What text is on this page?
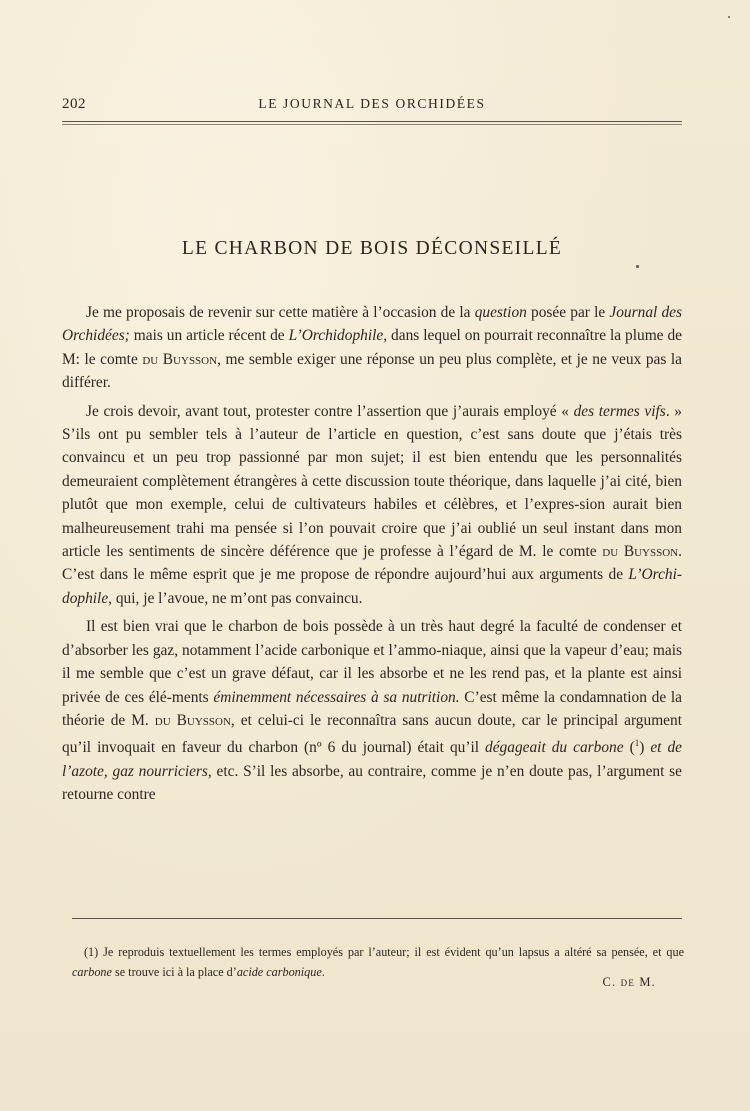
202	LE JOURNAL DES ORCHIDÉES
LE CHARBON DE BOIS DÉCONSEILLÉ

Je me proposais de revenir sur cette matière à l’occasion de la question posée par le Journal des Orchidées; mais un article récent de L’Orchidophile, dans lequel on pourrait reconnaître la plume de M: le comte du Buysson, me semble exiger une réponse un peu plus complète, et je ne veux pas la différer.

Je crois devoir, avant tout, protester contre l’assertion que j’aurais employé « des termes vifs. » S’ils ont pu sembler tels à l’auteur de l’article en question, c’est sans doute que j’étais très convaincu et un peu trop passionné par mon sujet; il est bien entendu que les personnalités demeuraient complètement étrangères à cette discussion toute théorique, dans laquelle j’ai cité, bien plutôt que mon exemple, celui de cultivateurs habiles et célèbres, et l’expres-sion aurait bien malheureusement trahi ma pensée si l’on pouvait croire que j’ai oublié un seul instant dans mon article les sentiments de sincère déférence que je professe à l’égard de M. le comte du Buysson. C’est dans le même esprit que je me propose de répondre aujourd’hui aux arguments de L’Orchi-dophile, qui, je l’avoue, ne m’ont pas convaincu.

Il est bien vrai que le charbon de bois possède à un très haut degré la faculté de condenser et d’absorber les gaz, notamment l’acide carbonique et l’ammo-niaque, ainsi que la vapeur d’eau; mais il me semble que c’est un grave défaut, car il les absorbe et ne les rend pas, et la plante est ainsi privée de ces élé-ments éminemment nécessaires à sa nutrition. C’est même la condamnation de la théorie de M. du Buysson, et celui-ci le reconnaîtra sans aucun doute, car le principal argument qu’il invoquait en faveur du charbon (nº 6 du journal) était qu’il dégageait du carbone ($^1$) et de l’azote, gaz nourriciers, etc. S’il les absorbe, au contraire, comme je n’en doute pas, l’argument se retourne contre

(1) Je reproduis textuellement les termes employés par l’auteur; il est évident qu’un lapsus a altéré sa pensée, et que carbone se trouve ici à la place d’acide carbonique.

C. de M.
